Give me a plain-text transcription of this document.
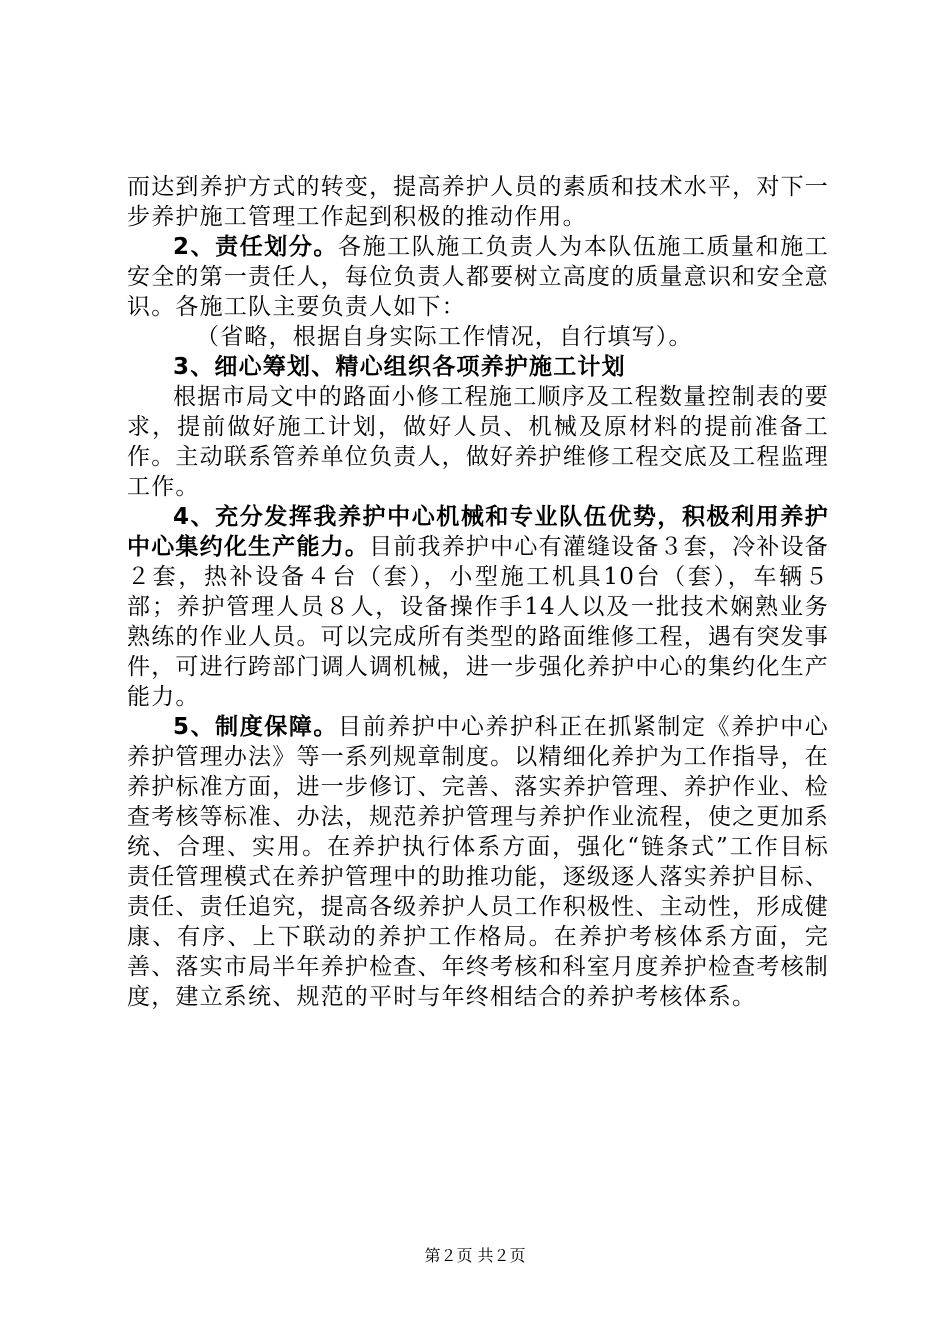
而达到养护方式的转变，提高养护人员的素质和技术水平，对下一步养护施工管理工作起到积极的推动作用。

2、责任划分。各施工队施工负责人为本队伍施工质量和施工安全的第一责任人，每位负责人都要树立高度的质量意识和安全意识。各施工队主要负责人如下：

（省略，根据自身实际工作情况，自行填写）。

3、细心筹划、精心组织各项养护施工计划

根据市局文中的路面小修工程施工顺序及工程数量控制表的要求，提前做好施工计划，做好人员、机械及原材料的提前准备工作。主动联系管养单位负责人，做好养护维修工程交底及工程监理工作。

4、充分发挥我养护中心机械和专业队伍优势，积极利用养护中心集约化生产能力。目前我养护中心有灌缝设备３套，冷补设备２套，热补设备４台（套），小型施工机具10台（套），车辆５部；养护管理人员８人，设备操作手14人以及一批技术娴熟业务熟练的作业人员。可以完成所有类型的路面维修工程，遇有突发事件，可进行跨部门调人调机械，进一步强化养护中心的集约化生产能力。

5、制度保障。目前养护中心养护科正在抓紧制定《养护中心养护管理办法》等一系列规章制度。以精细化养护为工作指导，在养护标准方面，进一步修订、完善、落实养护管理、养护作业、检查考核等标准、办法，规范养护管理与养护作业流程，使之更加系统、合理、实用。在养护执行体系方面，强化“链条式”工作目标责任管理模式在养护管理中的助推功能，逐级逐人落实养护目标、责任、责任追究，提高各级养护人员工作积极性、主动性，形成健康、有序、上下联动的养护工作格局。在养护考核体系方面，完善、落实市局半年养护检查、年终考核和科室月度养护检查考核制度，建立系统、规范的平时与年终相结合的养护考核体系。

第２页 共２页
